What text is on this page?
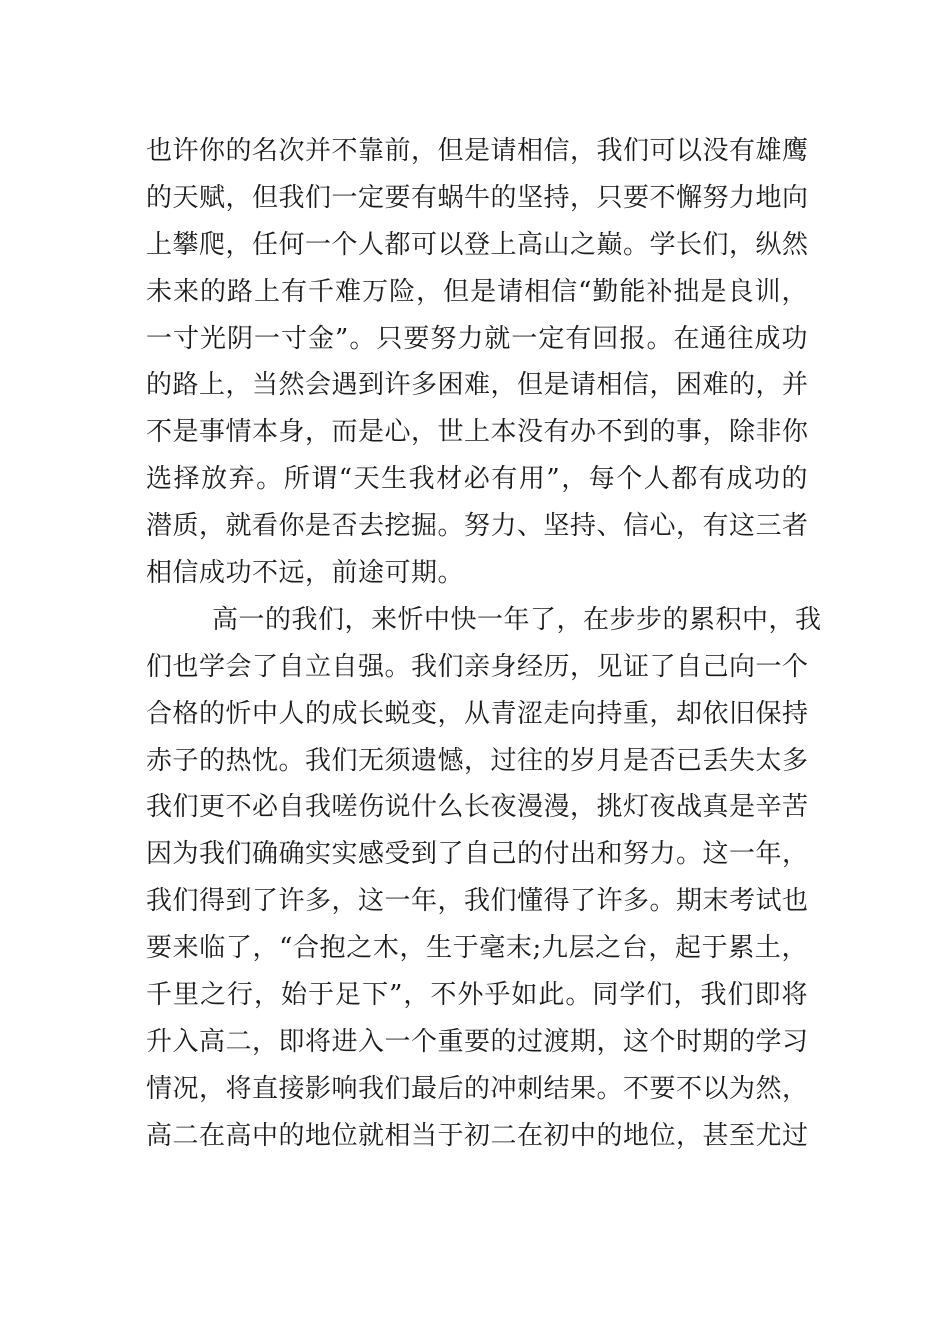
也许你的名次并不靠前，但是请相信，我们可以没有雄鹰
的天赋，但我们一定要有蜗牛的坚持，只要不懈努力地向
上攀爬，任何一个人都可以登上高山之巅。学长们，纵然
未来的路上有千难万险，但是请相信“勤能补拙是良训，
一寸光阴一寸金”。只要努力就一定有回报。在通往成功
的路上，当然会遇到许多困难，但是请相信，困难的，并
不是事情本身，而是心，世上本没有办不到的事，除非你
选择放弃。所谓“天生我材必有用”，每个人都有成功的
潜质，就看你是否去挖掘。努力、坚持、信心，有这三者
相信成功不远，前途可期。
高一的我们，来忻中快一年了，在步步的累积中，我
们也学会了自立自强。我们亲身经历，见证了自己向一个
合格的忻中人的成长蜕变，从青涩走向持重，却依旧保持
赤子的热忱。我们无须遗憾，过往的岁月是否已丢失太多
我们更不必自我嗟伤说什么长夜漫漫，挑灯夜战真是辛苦
因为我们确确实实感受到了自己的付出和努力。这一年，
我们得到了许多，这一年，我们懂得了许多。期末考试也
要来临了，“合抱之木，生于毫末;九层之台，起于累土，
千里之行，始于足下”，不外乎如此。同学们，我们即将
升入高二，即将进入一个重要的过渡期，这个时期的学习
情况，将直接影响我们最后的冲刺结果。不要不以为然，
高二在高中的地位就相当于初二在初中的地位，甚至尤过
